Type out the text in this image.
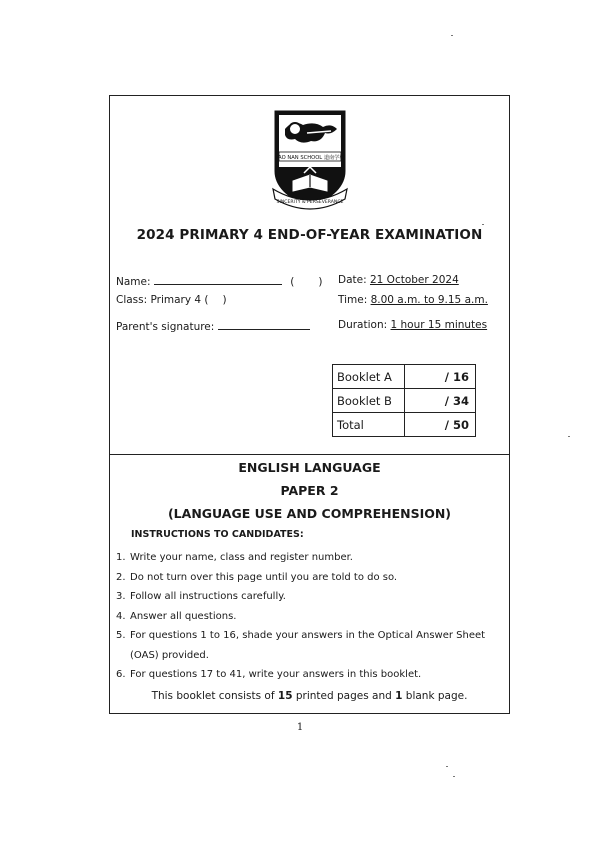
TAO NAN SCHOOL 道南学校
SINCERITY & PERSEVERANCE
2024 PRIMARY 4 END-OF-YEAR EXAMINATION
Name:	( )
Class: Primary 4 ( )
Parent's signature:
Date: 21 October 2024
Time: 8.00 a.m. to 9.15 a.m.
Duration: 1 hour 15 minutes
Booklet A	/ 16
Booklet B	/ 34
Total	/ 50
ENGLISH LANGUAGE
PAPER 2
(LANGUAGE USE AND COMPREHENSION)
INSTRUCTIONS TO CANDIDATES:
1. Write your name, class and register number.
2. Do not turn over this page until you are told to do so.
3. Follow all instructions carefully.
4. Answer all questions.
5. For questions 1 to 16, shade your answers in the Optical Answer Sheet (OAS) provided.
6. For questions 17 to 41, write your answers in this booklet.
This booklet consists of 15 printed pages and 1 blank page.
1
